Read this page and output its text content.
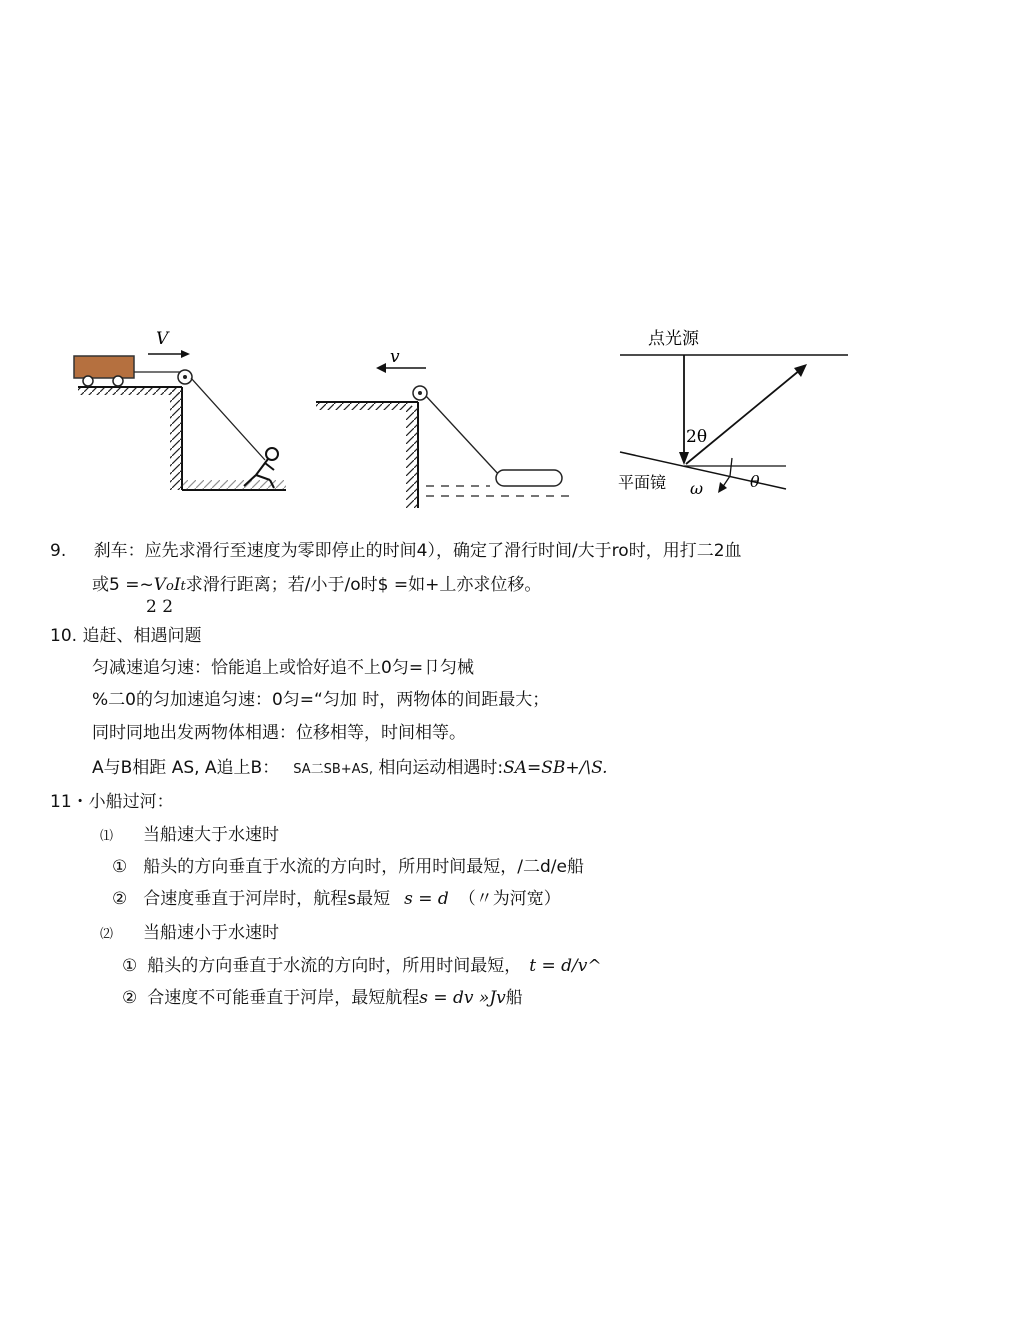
V
v
点光源
2θ
θ
平面镜 ω
9. 刹车：应先求滑行至速度为零即停止的时间4），确定了滑行时间/大于ro时，用打二2血
或5 =~VoIt求滑行距离；若/小于/o时$ =如+丄亦求位移。
2 2
10. 追赶、相遇问题
匀减速追匀速：恰能追上或恰好追不上0匀=卩匀械
%二0的匀加速追匀速：0匀=“匀加 时，两物体的间距最大；
同时同地出发两物体相遇：位移相等，时间相等。
A与B相距 AS, A追上B： SA二SB+AS, 相向运动相遇时:SA=SB+/\S.
11・小船过河：
⑴ 当船速大于水速时
① 船头的方向垂直于水流的方向时，所用时间最短，/二d/e船
② 合速度垂直于河岸时，航程s最短 s = d （〃为河宽）
⑵ 当船速小于水速时
① 船头的方向垂直于水流的方向时，所用时间最短， t = d/v^
② 合速度不可能垂直于河岸，最短航程s = dv »Jv船
